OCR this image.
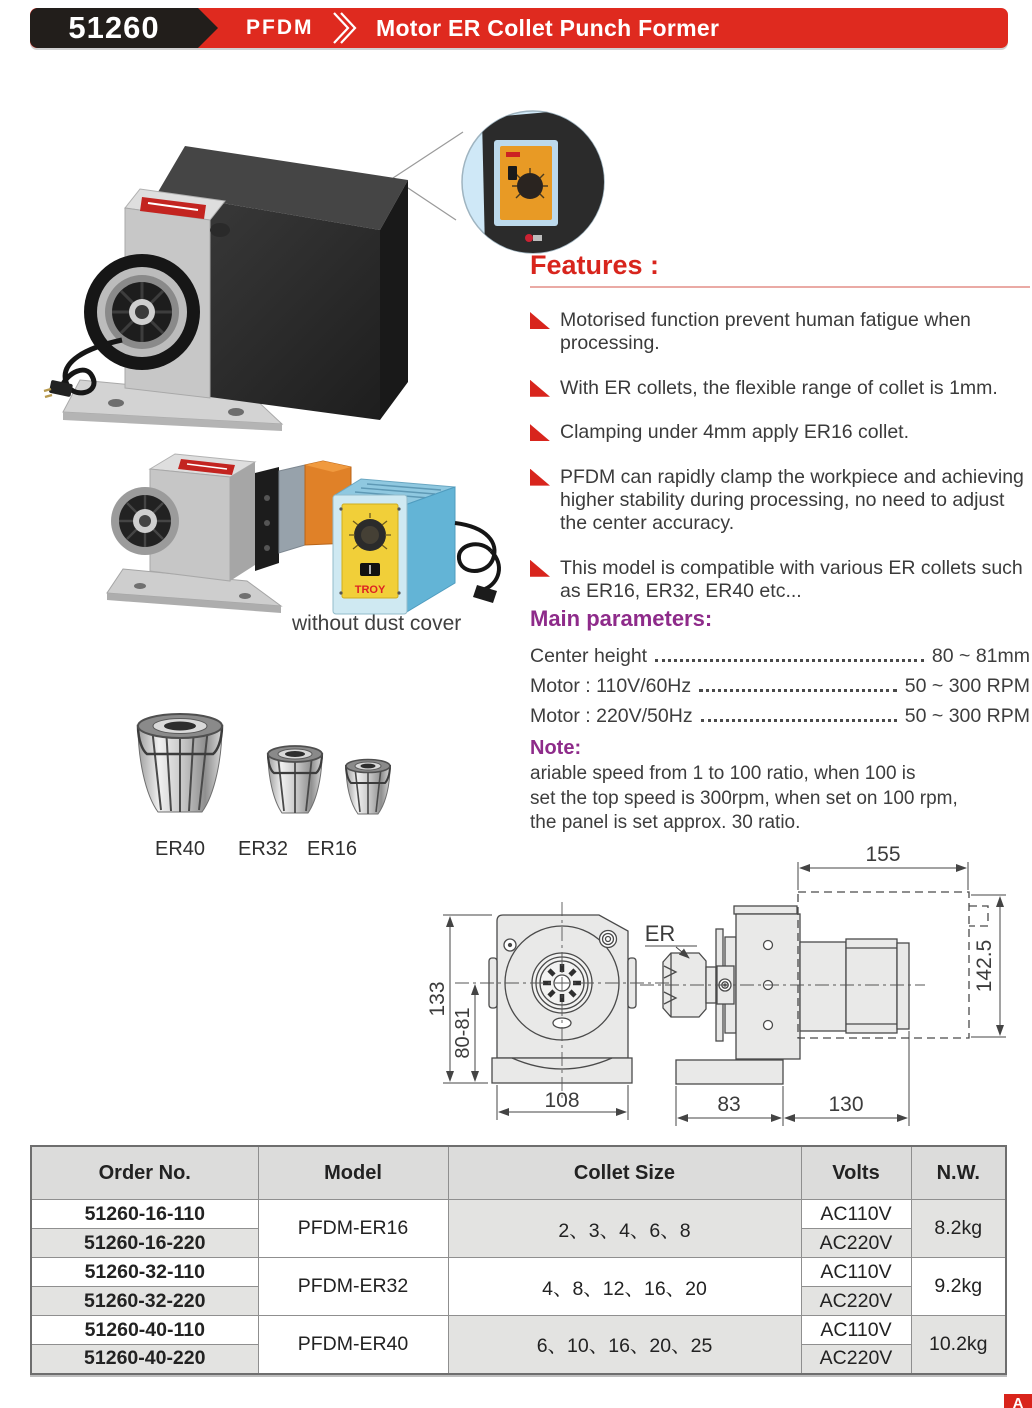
51260	PFDM	Motor ER Collet Punch Former
TROY
without dust cover
ER40	ER32 ER16
Features :
Motorised function prevent human fatigue when processing.
With ER collets, the flexible range of collet is 1mm.
Clamping under 4mm apply ER16 collet.
PFDM can rapidly clamp the workpiece and achieving higher stability during processing, no need to adjust the center accuracy.
This model is compatible with various ER collets such as ER16, ER32, ER40 etc...
Main parameters:
Center height	80 ~ 81mm
Motor : 110V/60Hz	50 ~ 300 RPM
Motor : 220V/50Hz	50 ~ 300 RPM
Note:
ariable speed from 1 to 100 ratio, when 100 is
set the top speed is 300rpm, when set on 100 rpm,
the panel is set approx. 30 ratio.
133
80-81
108
ER
155
142.5
83	130
Order No.	Model	Collet Size	Volts	N.W.
51260-16-110	PFDM-ER16	2、3、4、6、8	AC110V	8.2kg
51260-16-220			AC220V	
51260-32-110	PFDM-ER32	4、8、12、16、20	AC110V	9.2kg
51260-32-220			AC220V	
51260-40-110	PFDM-ER40	6、10、16、20、25	AC110V	10.2kg
51260-40-220			AC220V	
A
